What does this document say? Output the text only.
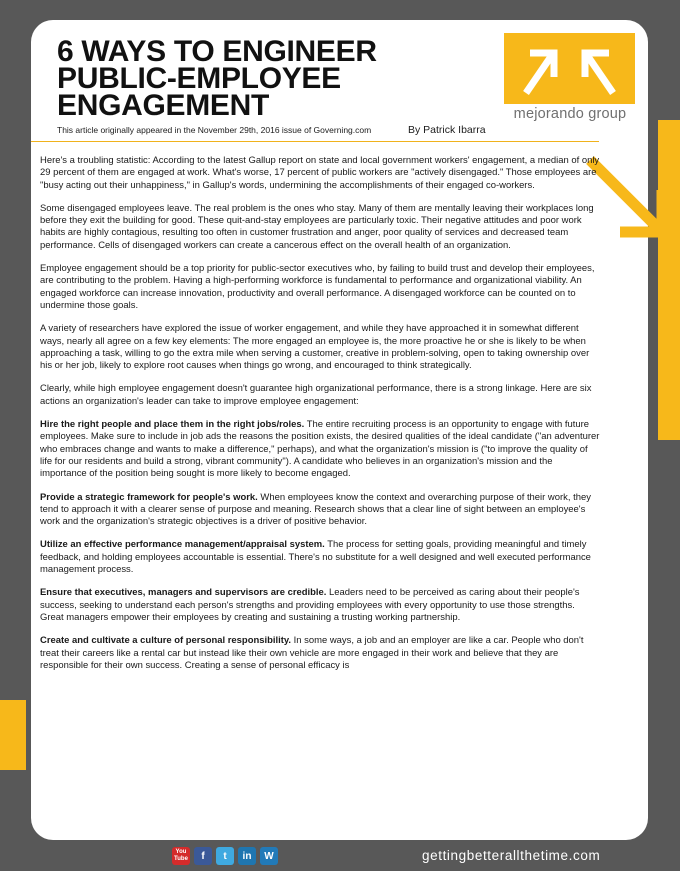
6 WAYS TO ENGINEER
PUBLIC-EMPLOYEE
ENGAGEMENT
This article originally appeared in the November 29th, 2016 issue of Governing.com	By Patrick Ibarra
mejorando group

Here's a troubling statistic: According to the latest Gallup report on state and local government workers' engagement, a median of only 29 percent of them are engaged at work. What's worse, 17 percent of public workers are "actively disengaged." Those employees are "busy acting out their unhappiness," in Gallup's words, undermining the accomplishments of their engaged co-workers.

Some disengaged employees leave. The real problem is the ones who stay. Many of them are mentally leaving their workplaces long before they exit the building for good. These quit-and-stay employees are particularly toxic. Their negative attitudes and poor work habits are highly contagious, resulting too often in customer frustration and anger, poor quality of services and decreased team performance. Cells of disengaged workers can create a cancerous effect on the overall health of an organization.

Employee engagement should be a top priority for public-sector executives who, by failing to build trust and develop their employees, are contributing to the problem. Having a high-performing workforce is fundamental to performance and organizational viability. An engaged workforce can increase innovation, productivity and overall performance. A disengaged workforce can be counted on to undermine those goals.

A variety of researchers have explored the issue of worker engagement, and while they have approached it in somewhat different ways, nearly all agree on a few key elements: The more engaged an employee is, the more proactive he or she is likely to be when approaching a task, willing to go the extra mile when serving a customer, creative in problem-solving, open to taking ownership over his or her job, likely to explore root causes when things go wrong, and encouraged to think strategically.

Clearly, while high employee engagement doesn't guarantee high organizational performance, there is a strong linkage. Here are six actions an organization's leader can take to improve employee engagement:

Hire the right people and place them in the right jobs/roles. The entire recruiting process is an opportunity to engage with future employees. Make sure to include in job ads the reasons the position exists, the desired qualities of the ideal candidate ("an adventurer who embraces change and wants to make a difference," perhaps), and what the organization's mission is ("to improve the quality of life for our residents and build a strong, vibrant community"). A candidate who believes in an organization's mission and the importance of the position being sought is more likely to become engaged.

Provide a strategic framework for people's work. When employees know the context and overarching purpose of their work, they tend to approach it with a clearer sense of purpose and meaning. Research shows that a clear line of sight between an employee's work and the organization's strategic objectives is a driver of positive behavior.

Utilize an effective performance management/appraisal system. The process for setting goals, providing meaningful and timely feedback, and holding employees accountable is essential. There's no substitute for a well designed and well executed performance management process.

Ensure that executives, managers and supervisors are credible. Leaders need to be perceived as caring about their people's success, seeking to understand each person's strengths and providing employees with every opportunity to use those strengths. Great managers empower their employees by creating and sustaining a trusting working partnership.

Create and cultivate a culture of personal responsibility. In some ways, a job and an employer are like a car. People who don't treat their careers like a rental car but instead like their own vehicle are more engaged in their work and believe that they are responsible for their own success. Creating a sense of personal efficacy is

You
Tube	f	t	in	W	gettingbetterallthetime.com
